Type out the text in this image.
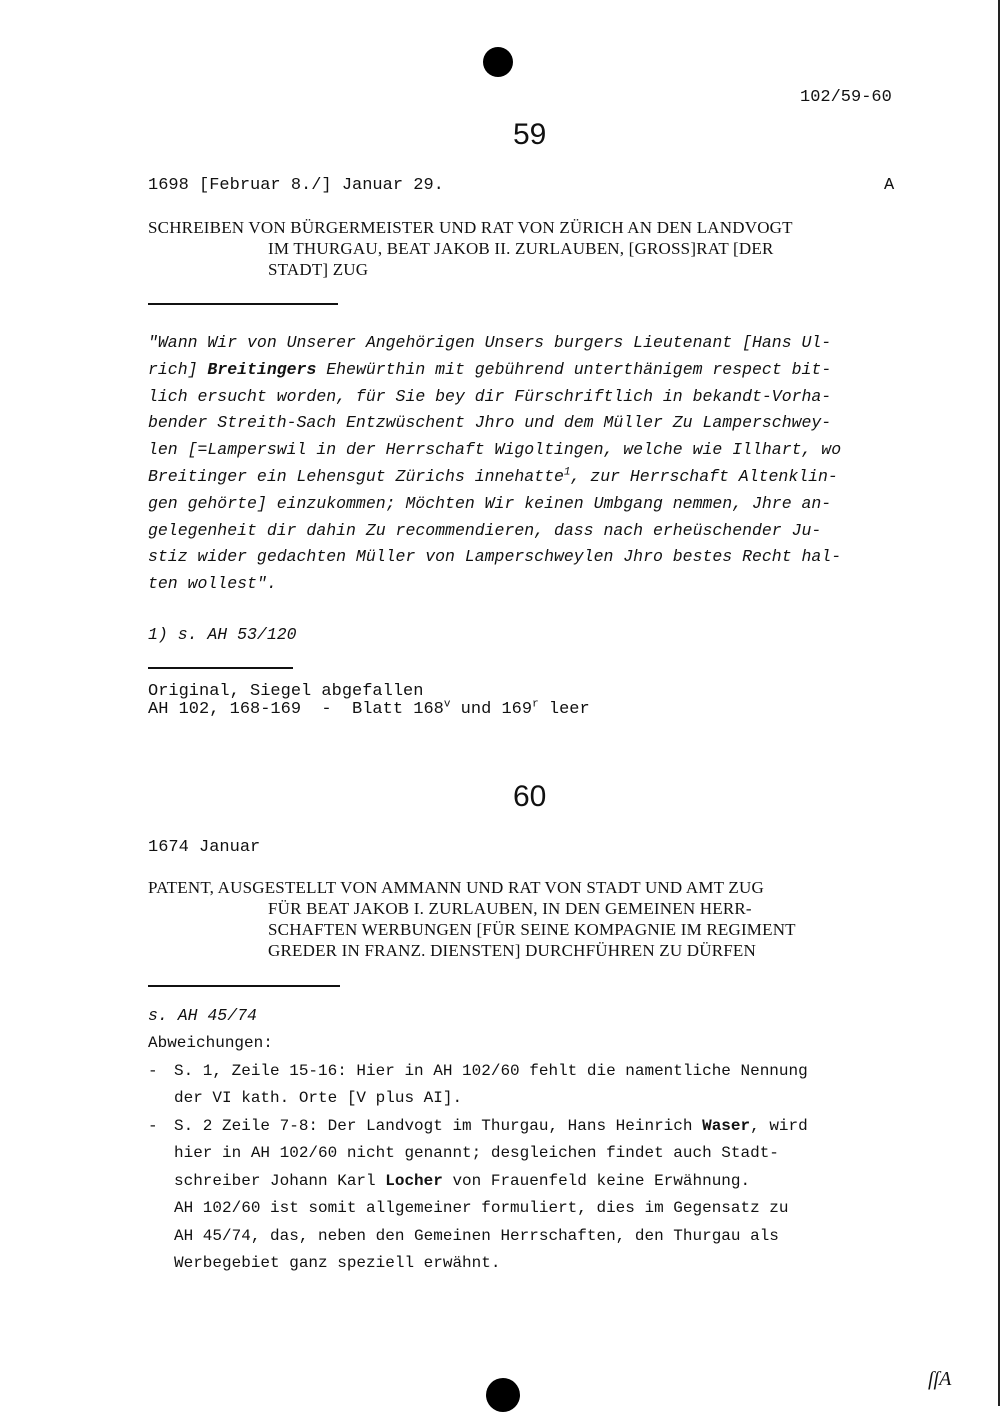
102/59-60
59
1698 [Februar 8./] Januar 29.	A
SCHREIBEN VON BÜRGERMEISTER UND RAT VON ZÜRICH AN DEN LANDVOGT
IM THURGAU, BEAT JAKOB II. ZURLAUBEN, [GROSS]RAT [DER
STADT] ZUG
"Wann Wir von Unserer Angehörigen Unsers burgers Lieutenant [Hans Ul-
rich] Breitingers Ehewürthin mit gebührend unterthänigem respect bit-
lich ersucht worden, für Sie bey dir Fürschriftlich in bekandt-Vorha-
bender Streith-Sach Entzwüschent Jhro und dem Müller Zu Lamperschwey-
len [=Lamperswil in der Herrschaft Wigoltingen, welche wie Illhart, wo
Breitinger ein Lehensgut Zürichs innehatte$^1$, zur Herrschaft Altenklin-
gen gehörte] einzukommen; Möchten Wir keinen Umbgang nemmen, Jhre an-
gelegenheit dir dahin Zu recommendieren, dass nach erheüschender Ju-
stiz wider gedachten Müller von Lamperschweylen Jhro bestes Recht hal-
ten wollest".
1) s. AH 53/120
Original, Siegel abgefallen
AH 102, 168-169  -  Blatt 168$^v$ und 169$^r$ leer
60
1674 Januar
PATENT, AUSGESTELLT VON AMMANN UND RAT VON STADT UND AMT ZUG
FÜR BEAT JAKOB I. ZURLAUBEN, IN DEN GEMEINEN HERR-
SCHAFTEN WERBUNGEN [FÜR SEINE KOMPAGNIE IM REGIMENT
GREDER IN FRANZ. DIENSTEN] DURCHFÜHREN ZU DÜRFEN
s. AH 45/74
Abweichungen:
- S. 1, Zeile 15-16: Hier in AH 102/60 fehlt die namentliche Nennung
der VI kath. Orte [V plus AI].
- S. 2 Zeile 7-8: Der Landvogt im Thurgau, Hans Heinrich Waser, wird
hier in AH 102/60 nicht genannt; desgleichen findet auch Stadt-
schreiber Johann Karl Locher von Frauenfeld keine Erwähnung.
AH 102/60 ist somit allgemeiner formuliert, dies im Gegensatz zu
AH 45/74, das, neben den Gemeinen Herrschaften, den Thurgau als
Werbegebiet ganz speziell erwähnt.
ſſA
